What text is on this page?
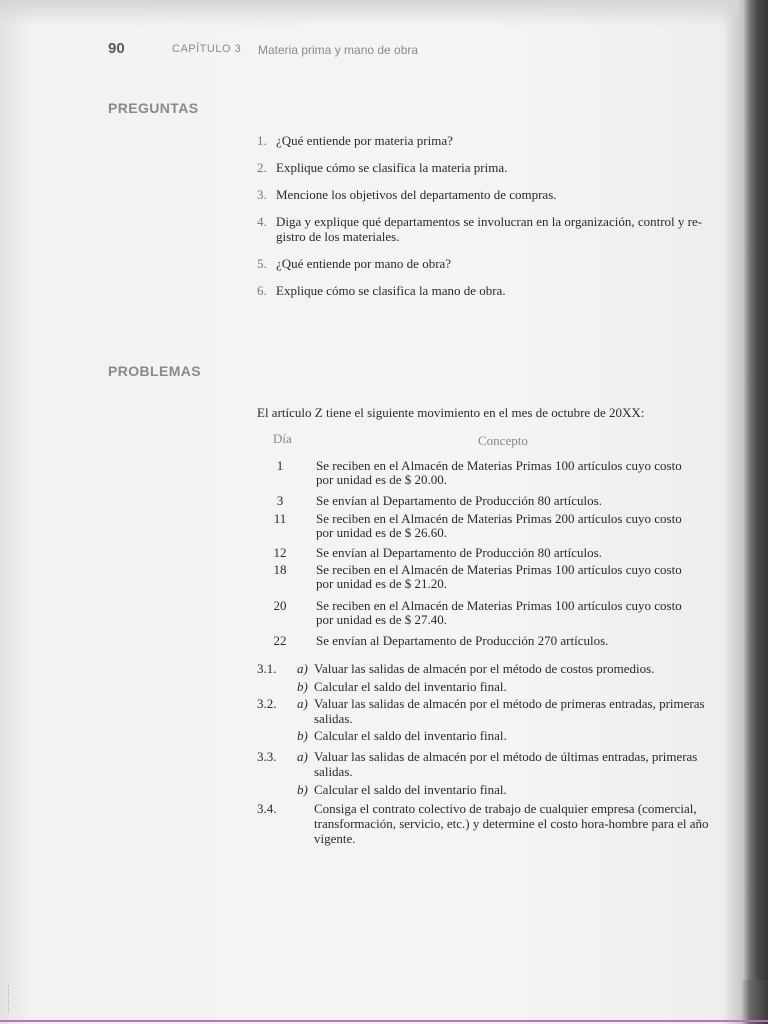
90	CAPÍTULO 3 Materia prima y mano de obra
PREGUNTAS
1. ¿Qué entiende por materia prima?
2. Explique cómo se clasifica la materia prima.
3. Mencione los objetivos del departamento de compras.
4. Diga y explique qué departamentos se involucran en la organización, control y re-
gistro de los materiales.
5. ¿Qué entiende por mano de obra?
6. Explique cómo se clasifica la mano de obra.
PROBLEMAS
El artículo Z tiene el siguiente movimiento en el mes de octubre de 20XX:
Día	Concepto
1	Se reciben en el Almacén de Materias Primas 100 artículos cuyo costo
por unidad es de $ 20.00.
3	Se envían al Departamento de Producción 80 artículos.
11	Se reciben en el Almacén de Materias Primas 200 artículos cuyo costo
por unidad es de $ 26.60.
12	Se envían al Departamento de Producción 80 artículos.
18	Se reciben en el Almacén de Materias Primas 100 artículos cuyo costo
por unidad es de $ 21.20.
20	Se reciben en el Almacén de Materias Primas 100 artículos cuyo costo
por unidad es de $ 27.40.
22	Se envían al Departamento de Producción 270 artículos.
3.1. a) Valuar las salidas de almacén por el método de costos promedios.
b) Calcular el saldo del inventario final.
3.2. a) Valuar las salidas de almacén por el método de primeras entradas, primeras
salidas.
b) Calcular el saldo del inventario final.
3.3. a) Valuar las salidas de almacén por el método de últimas entradas, primeras
salidas.
b) Calcular el saldo del inventario final.
3.4.	Consiga el contrato colectivo de trabajo de cualquier empresa (comercial,
transformación, servicio, etc.) y determine el costo hora-hombre para el año
vigente.
